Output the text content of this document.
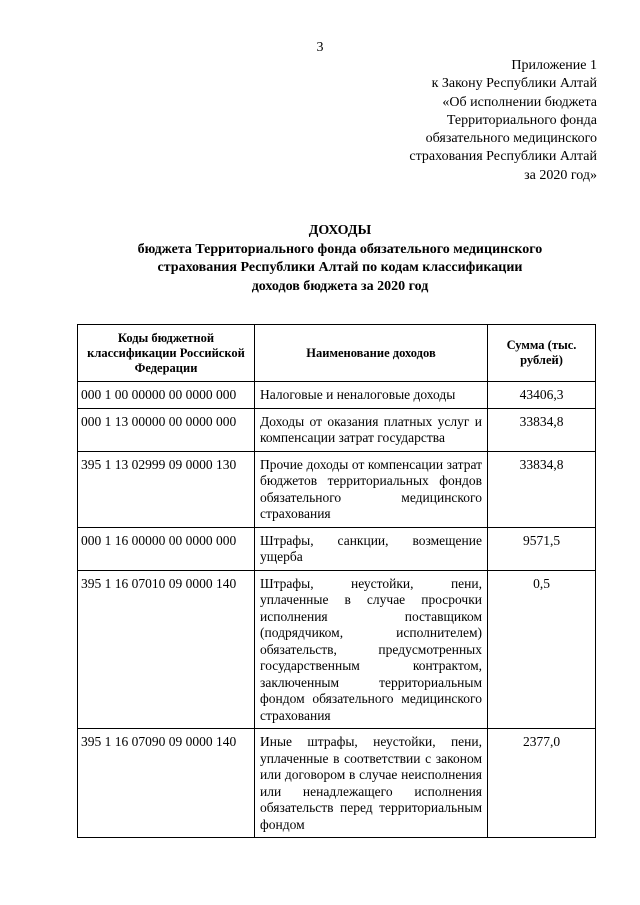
3
Приложение 1
к Закону Республики Алтай
«Об исполнении бюджета
Территориального фонда
обязательного медицинского
страхования Республики Алтай
за 2020 год»
ДОХОДЫ
бюджета Территориального фонда обязательного медицинского
страхования Республики Алтай по кодам классификации
доходов бюджета за 2020 год
Коды бюджетной классификации Российской Федерации	Наименование доходов	Сумма (тыс. рублей)
000 1 00 00000 00 0000 000	Налоговые и неналоговые доходы	43406,3
000 1 13 00000 00 0000 000	Доходы от оказания платных услуг и компенсации затрат государства	33834,8
395 1 13 02999 09 0000 130	Прочие доходы от компенсации затрат бюджетов территориальных фондов обязательного медицинского страхования	33834,8
000 1 16 00000 00 0000 000	Штрафы, санкции, возмещение ущерба	9571,5
395 1 16 07010 09 0000 140	Штрафы, неустойки, пени, уплаченные в случае просрочки исполнения поставщиком (подрядчиком, исполнителем) обязательств, предусмотренных государственным контрактом, заключенным территориальным фондом обязательного медицинского страхования	0,5
395 1 16 07090 09 0000 140	Иные штрафы, неустойки, пени, уплаченные в соответствии с законом или договором в случае неисполнения или ненадлежащего исполнения обязательств перед территориальным фондом	2377,0
